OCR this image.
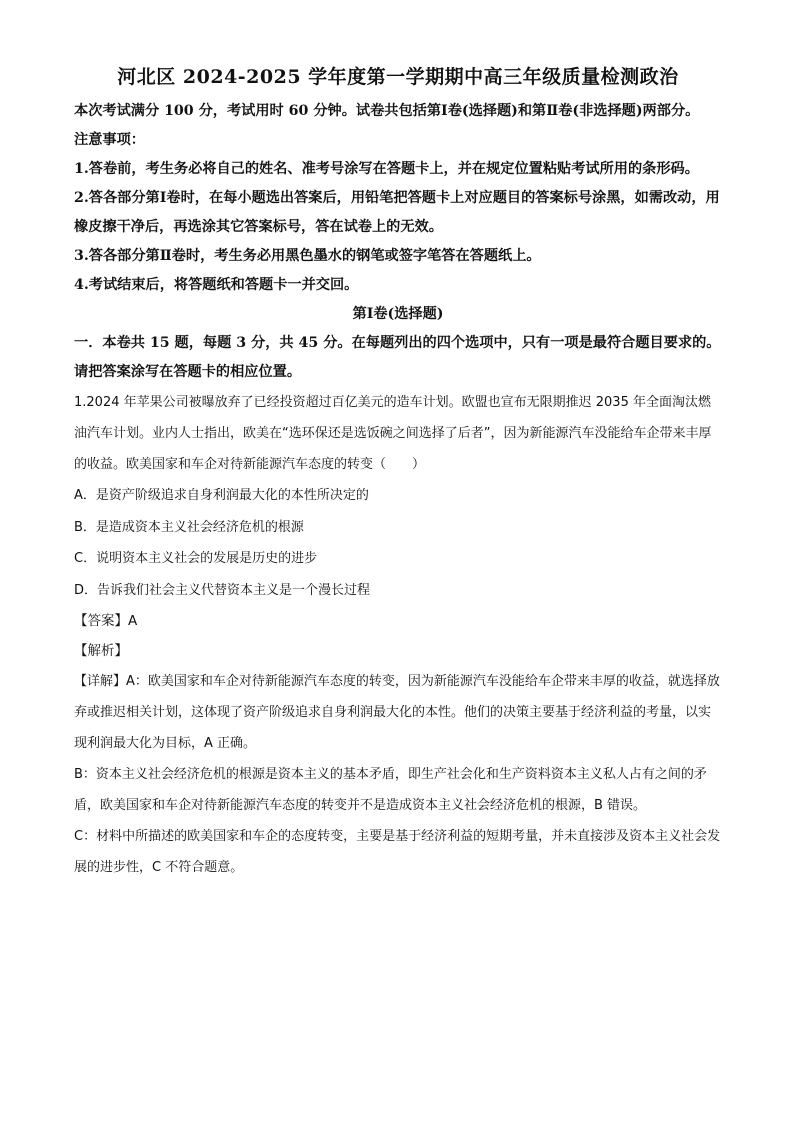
河北区 2024-2025 学年度第一学期期中高三年级质量检测政治

本次考试满分 100 分，考试用时 60 分钟。试卷共包括第Ⅰ卷(选择题)和第Ⅱ卷(非选择题)两部分。

注意事项：

1.答卷前，考生务必将自己的姓名、准考号涂写在答题卡上，并在规定位置粘贴考试所用的条形码。

2.答各部分第Ⅰ卷时，在每小题选出答案后，用铅笔把答题卡上对应题目的答案标号涂黑，如需改动，用橡皮擦干净后，再选涂其它答案标号，答在试卷上的无效。

3.答各部分第Ⅱ卷时，考生务必用黑色墨水的钢笔或签字笔答在答题纸上。

4.考试结束后，将答题纸和答题卡一并交回。

第Ⅰ卷(选择题)

一．本卷共 15 题，每题 3 分，共 45 分。在每题列出的四个选项中，只有一项是最符合题目要求的。请把答案涂写在答题卡的相应位置。

1.2024 年苹果公司被曝放弃了已经投资超过百亿美元的造车计划。欧盟也宣布无限期推迟 2035 年全面淘汰燃油汽车计划。业内人士指出，欧美在“选环保还是选饭碗之间选择了后者”，因为新能源汽车没能给车企带来丰厚的收益。欧美国家和车企对待新能源汽车态度的转变（　　）

A．是资产阶级追求自身利润最大化的本性所决定的

B．是造成资本主义社会经济危机的根源

C．说明资本主义社会的发展是历史的进步

D．告诉我们社会主义代替资本主义是一个漫长过程

【答案】A

【解析】

【详解】A：欧美国家和车企对待新能源汽车态度的转变，因为新能源汽车没能给车企带来丰厚的收益，就选择放弃或推迟相关计划，这体现了资产阶级追求自身利润最大化的本性。他们的决策主要基于经济利益的考量，以实现利润最大化为目标，A 正确。

B：资本主义社会经济危机的根源是资本主义的基本矛盾，即生产社会化和生产资料资本主义私人占有之间的矛盾，欧美国家和车企对待新能源汽车态度的转变并不是造成资本主义社会经济危机的根源，B 错误。

C：材料中所描述的欧美国家和车企的态度转变，主要是基于经济利益的短期考量，并未直接涉及资本主义社会发展的进步性，C 不符合题意。
